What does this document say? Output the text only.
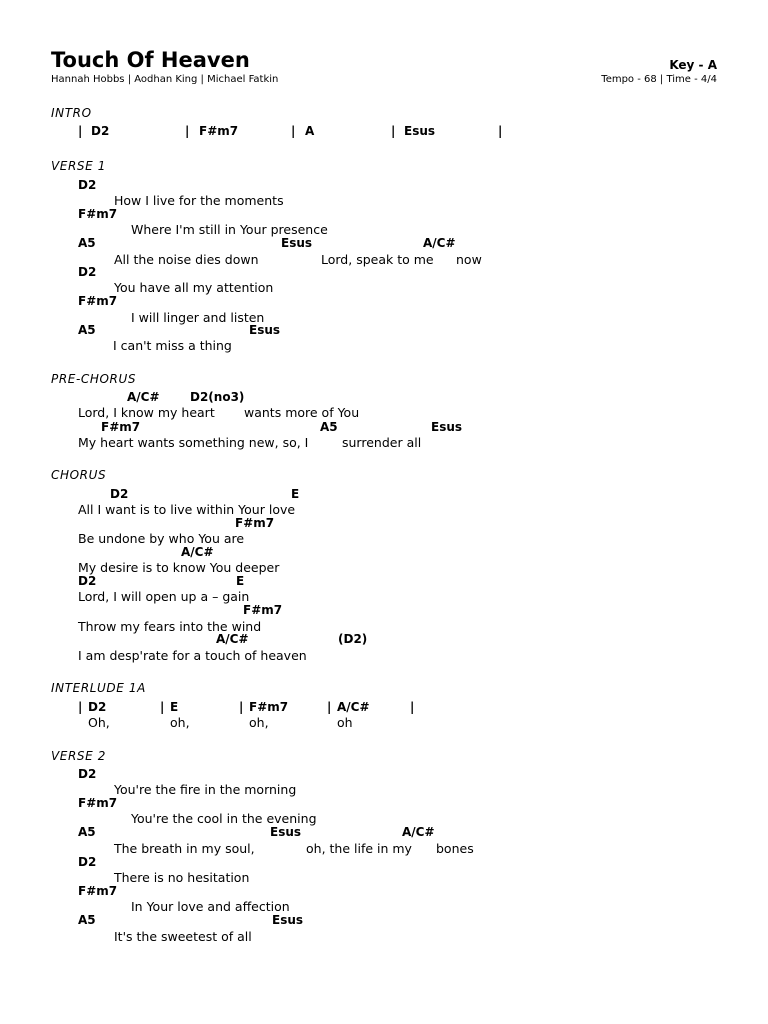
Touch Of Heaven
Hannah Hobbs | Aodhan King | Michael Fatkin
Key - A
Tempo - 68 | Time - 4/4
INTRO
| D2	| F#m7	| A	| Esus	|
VERSE 1
D2
How I live for the moments
F#m7
Where I'm still in Your presence
A5	Esus	A/C#
All the noise dies down	Lord, speak to me now
D2
You have all my attention
F#m7
I will linger and listen
A5	Esus
I can't miss a thing
PRE-CHORUS
A/C#	D2(no3)
Lord, I know my heart wants more of You
F#m7	A5	Esus
My heart wants something new, so, I	surrender all
CHORUS
D2	E
All I want is to live within Your love
F#m7
Be undone by who You are
A/C#
My desire is to know You deeper
D2	E
Lord, I will open up a – gain
F#m7
Throw my fears into the wind
A/C#	(D2)
I am desp'rate for a touch of heaven
INTERLUDE 1A
| D2	| E	| F#m7	| A/C#	|
Oh,	oh,	oh,	oh
VERSE 2
D2
You're the fire in the morning
F#m7
You're the cool in the evening
A5	Esus	A/C#
The breath in my soul,	oh, the life in my bones
D2
There is no hesitation
F#m7
In Your love and affection
A5	Esus
It's the sweetest of all
